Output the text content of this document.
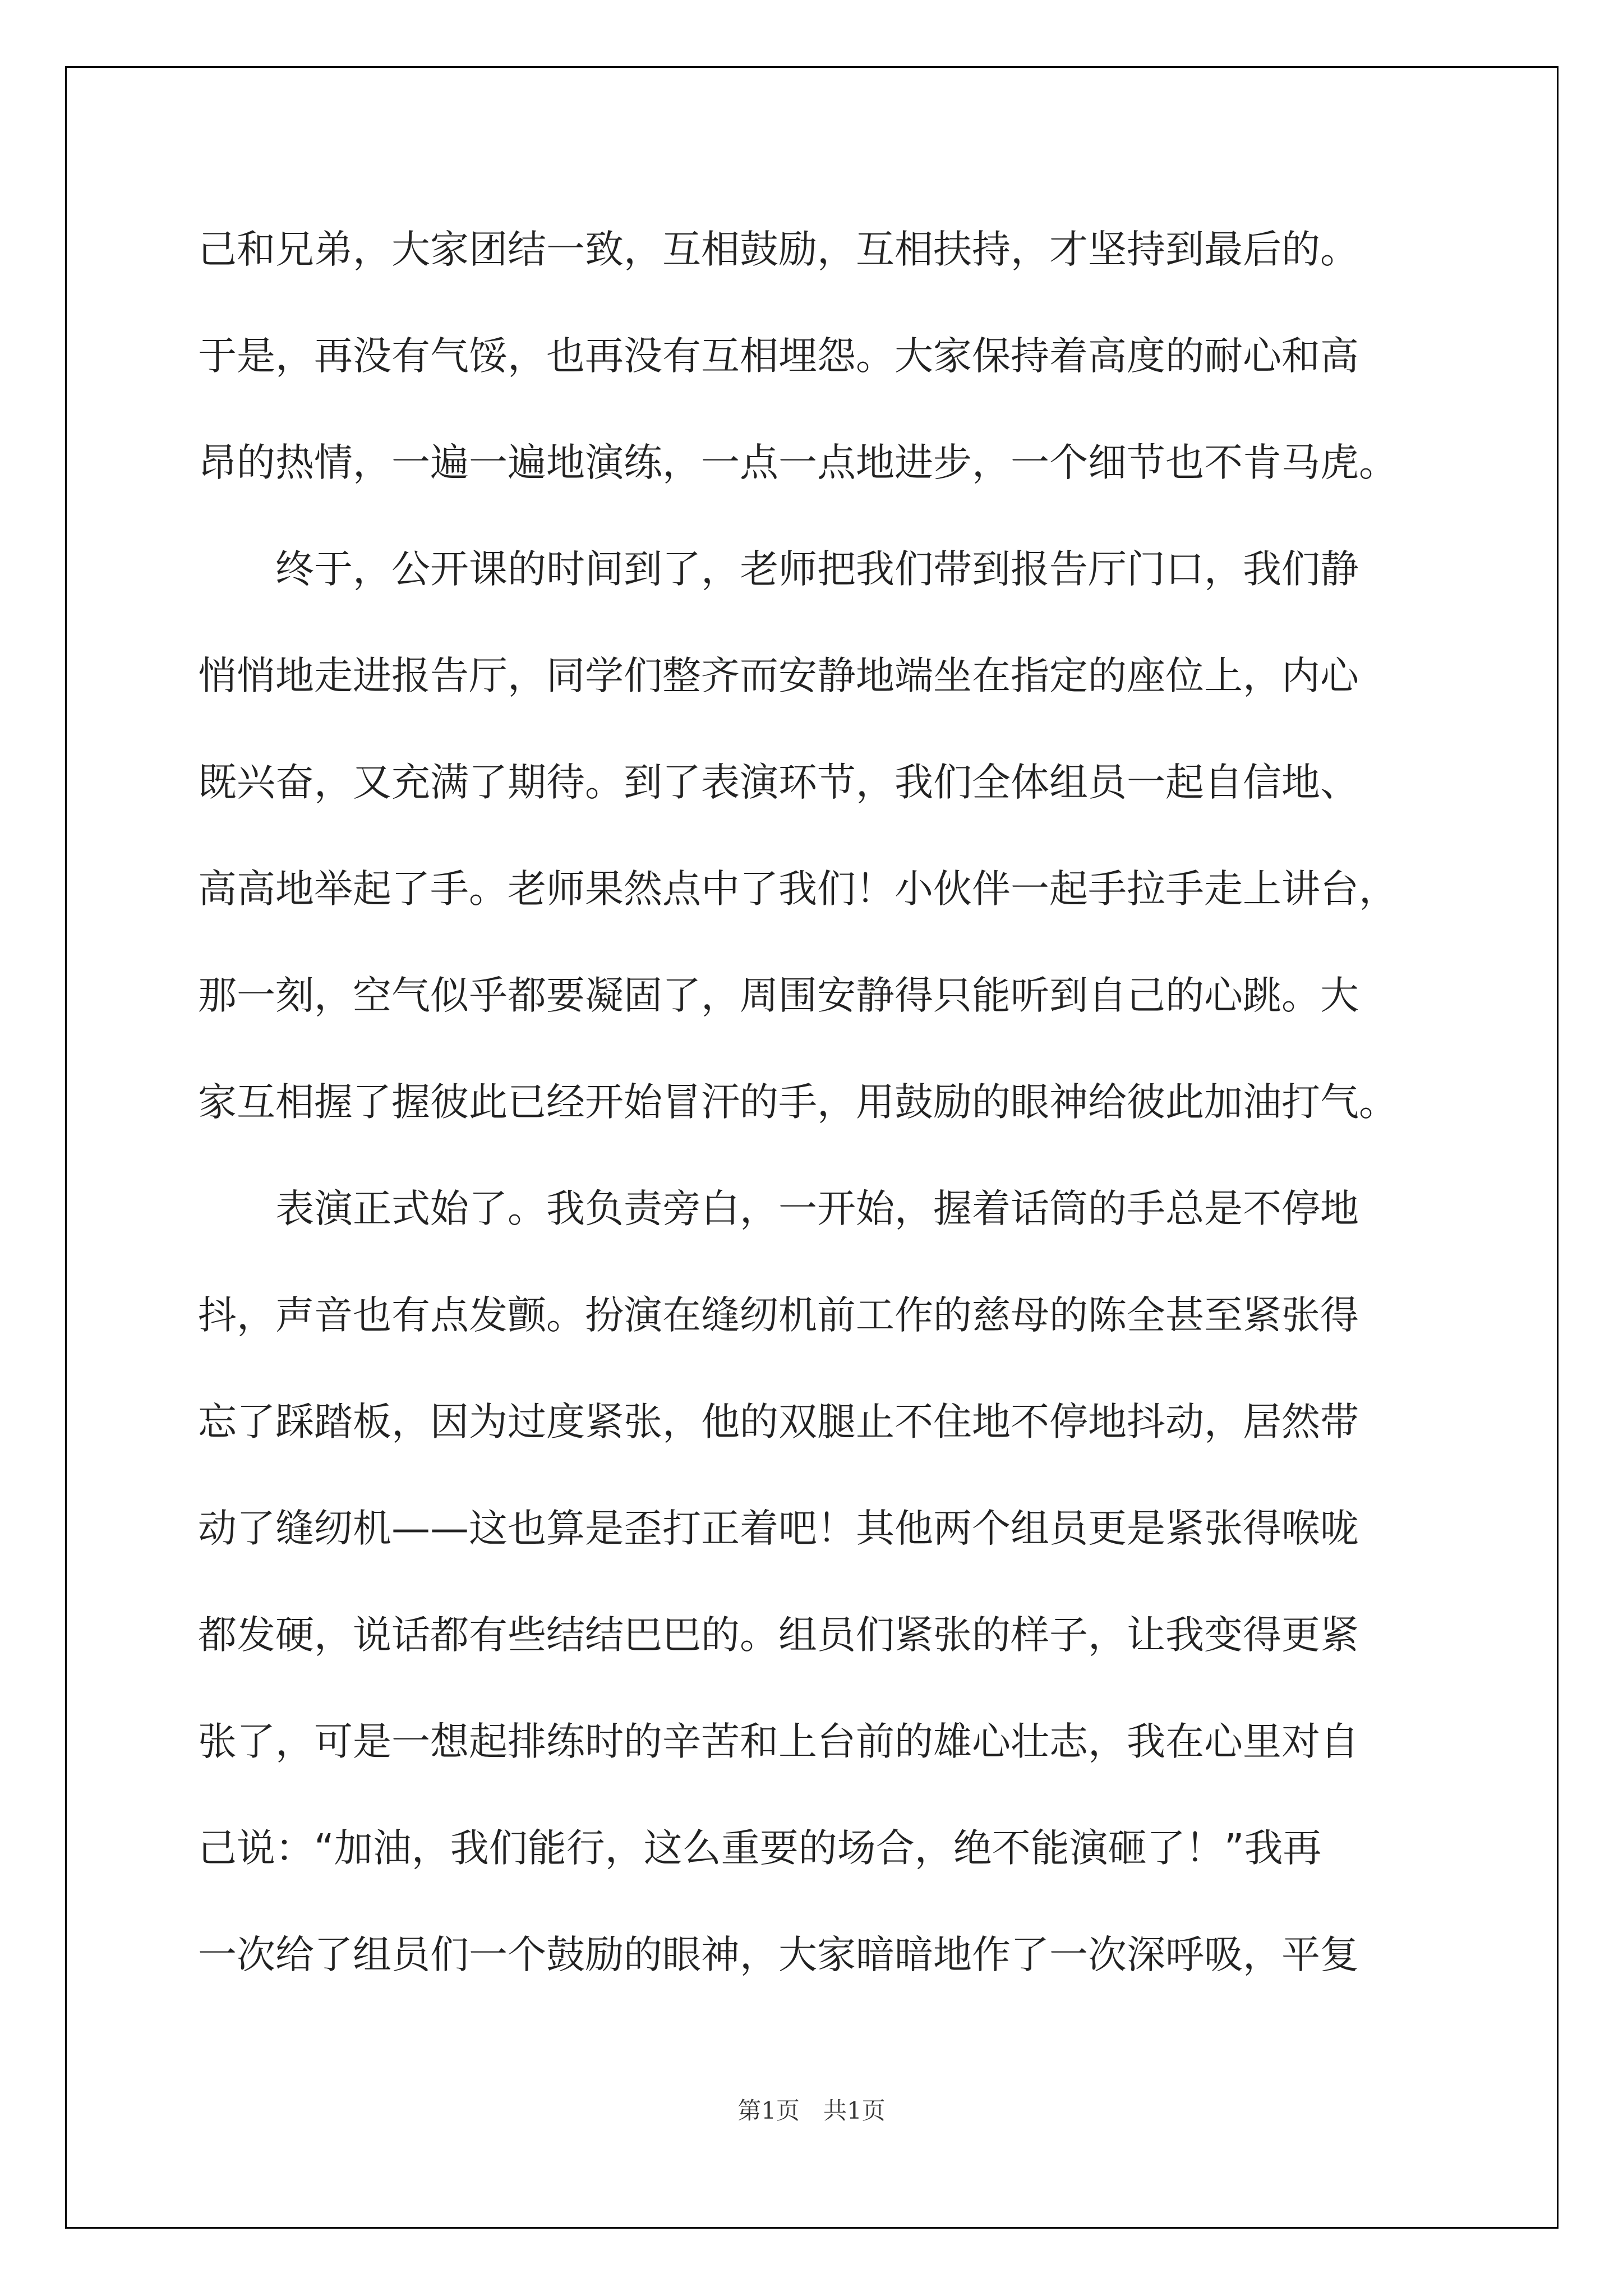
己和兄弟，大家团结一致，互相鼓励，互相扶持，才坚持到最后的。
于是，再没有气馁，也再没有互相埋怨。大家保持着高度的耐心和高
昂的热情，一遍一遍地演练，一点一点地进步，一个细节也不肯马虎。
　　终于，公开课的时间到了，老师把我们带到报告厅门口，我们静
悄悄地走进报告厅，同学们整齐而安静地端坐在指定的座位上，内心
既兴奋，又充满了期待。到了表演环节，我们全体组员一起自信地、
高高地举起了手。老师果然点中了我们！小伙伴一起手拉手走上讲台，
那一刻，空气似乎都要凝固了，周围安静得只能听到自己的心跳。大
家互相握了握彼此已经开始冒汗的手，用鼓励的眼神给彼此加油打气。
　　表演正式始了。我负责旁白，一开始，握着话筒的手总是不停地
抖，声音也有点发颤。扮演在缝纫机前工作的慈母的陈全甚至紧张得
忘了踩踏板，因为过度紧张，他的双腿止不住地不停地抖动，居然带
动了缝纫机——这也算是歪打正着吧！其他两个组员更是紧张得喉咙
都发硬，说话都有些结结巴巴的。组员们紧张的样子，让我变得更紧
张了，可是一想起排练时的辛苦和上台前的雄心壮志，我在心里对自
己说：“加油，我们能行，这么重要的场合，绝不能演砸了！”我再
一次给了组员们一个鼓励的眼神，大家暗暗地作了一次深呼吸，平复
第1页　共1页
